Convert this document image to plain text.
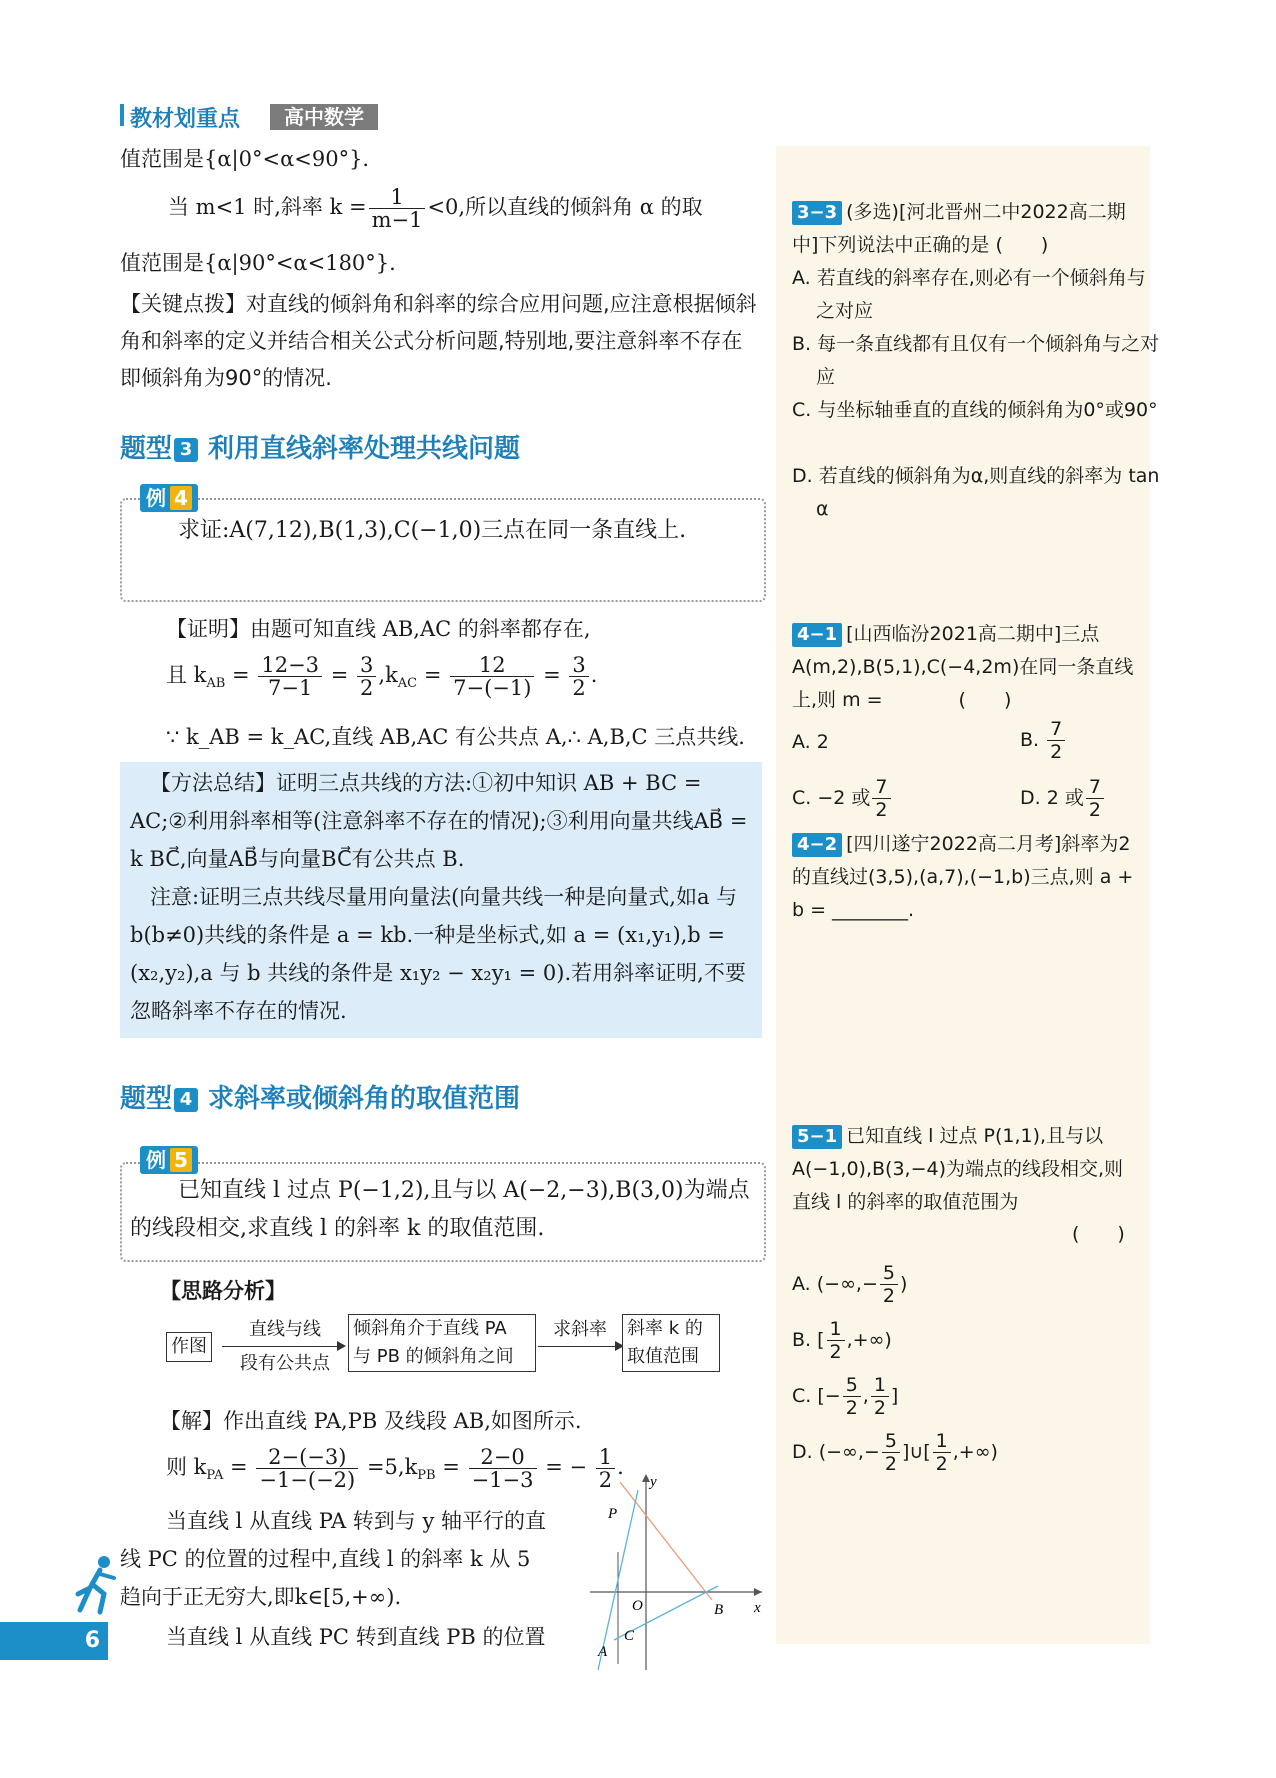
教材划重点	高中数学
值范围是{α|0°<α<90°}.
当 m<1 时,斜率 $k = \frac{1}{m-1} <0$,所以直线的倾斜角 α 的取
值范围是{α|90°<α<180°}.
【关键点拨】对直线的倾斜角和斜率的综合应用问题,应注意根据倾斜角和斜率的定义并结合相关公式分析问题,特别地,要注意斜率不存在即倾斜角为90°的情况.
题型 3 利用直线斜率处理共线问题
例 4
求证:A(7,12),B(1,3),C(−1,0)三点在同一条直线上.
【证明】由题可知直线 AB,AC 的斜率都存在,
且 $k_{AB} = \frac{12-3}{7-1} = \frac{3}{2} ,k_{AC} = \frac{12}{7-(-1)} = \frac{3}{2}$ .
∵ k_AB = k_AC,直线 AB,AC 有公共点 A,∴ A,B,C 三点共线.
【方法总结】证明三点共线的方法:①初中知识 AB + BC = AC;②利用斜率相等(注意斜率不存在的情况);③利用向量共线AB⃗ = k BC⃗,向量AB⃗与向量BC⃗有公共点 B.
注意:证明三点共线尽量用向量法(向量共线一种是向量式,如a 与b(b≠0)共线的条件是 a = kb.一种是坐标式,如 a = (x₁,y₁),b = (x₂,y₂),a 与 b 共线的条件是 x₁y₂ − x₂y₁ = 0).若用斜率证明,不要忽略斜率不存在的情况.
题型 4 求斜率或倾斜角的取值范围
例 5
已知直线 l 过点 P(−1,2),且与以 A(−2,−3),B(3,0)为端点的线段相交,求直线 l 的斜率 k 的取值范围.
【思路分析】
作图
直线与线
段有公共点
倾斜角介于直线 PA
与 PB 的倾斜角之间
求斜率	斜率 k 的
取值范围
【解】作出直线 PA,PB 及线段 AB,如图所示.
则 $k_{PA} = \frac{2-(-3)}{-1-(-2)} =5,k_{PB} = \frac{2-0}{-1-3}$ = − $\frac{1}{2}$ .
当直线 l 从直线 PA 转到与 y 轴平行的直
线 PC 的位置的过程中,直线 l 的斜率 k 从 5
趋向于正无穷大,即k∈[5,+∞).
当直线 l 从直线 PC 转到直线 PB 的位置
P
y
x
O	B
C
A
3−3 (多选)[河北晋州二中2022高二期中]下列说法中正确的是 (　　)
A. 若直线的斜率存在,则必有一个倾斜角与之对应
B. 每一条直线都有且仅有一个倾斜角与之对应
C. 与坐标轴垂直的直线的倾斜角为0°或90°
D. 若直线的倾斜角为α,则直线的斜率为 tan α
4−1 [山西临汾2021高二期中]三点A(m,2),B(5,1),C(−4,2m)在同一条直线上,则 m =　　　　(　　)
A. 2	B. $\frac{7}{2}$
C. −2 或 $\frac{7}{2}$	D. 2 或 $\frac{7}{2}$
4−2 [四川遂宁2022高二月考]斜率为2的直线过(3,5),(a,7),(−1,b)三点,则 a + b = ________.
5−1 已知直线 l 过点 P(1,1),且与以A(−1,0),B(3,−4)为端点的线段相交,则直线 l 的斜率的取值范围为
(　　)
A. (−∞,− $\frac{5}{2}$ )
B. [ $\frac{1}{2}$ ,+∞)
C. [− $\frac{5}{2}$ , $\frac{1}{2}$ ]
D. (−∞,− $\frac{5}{2}$ ]∪[ $\frac{1}{2}$ ,+∞)
6
